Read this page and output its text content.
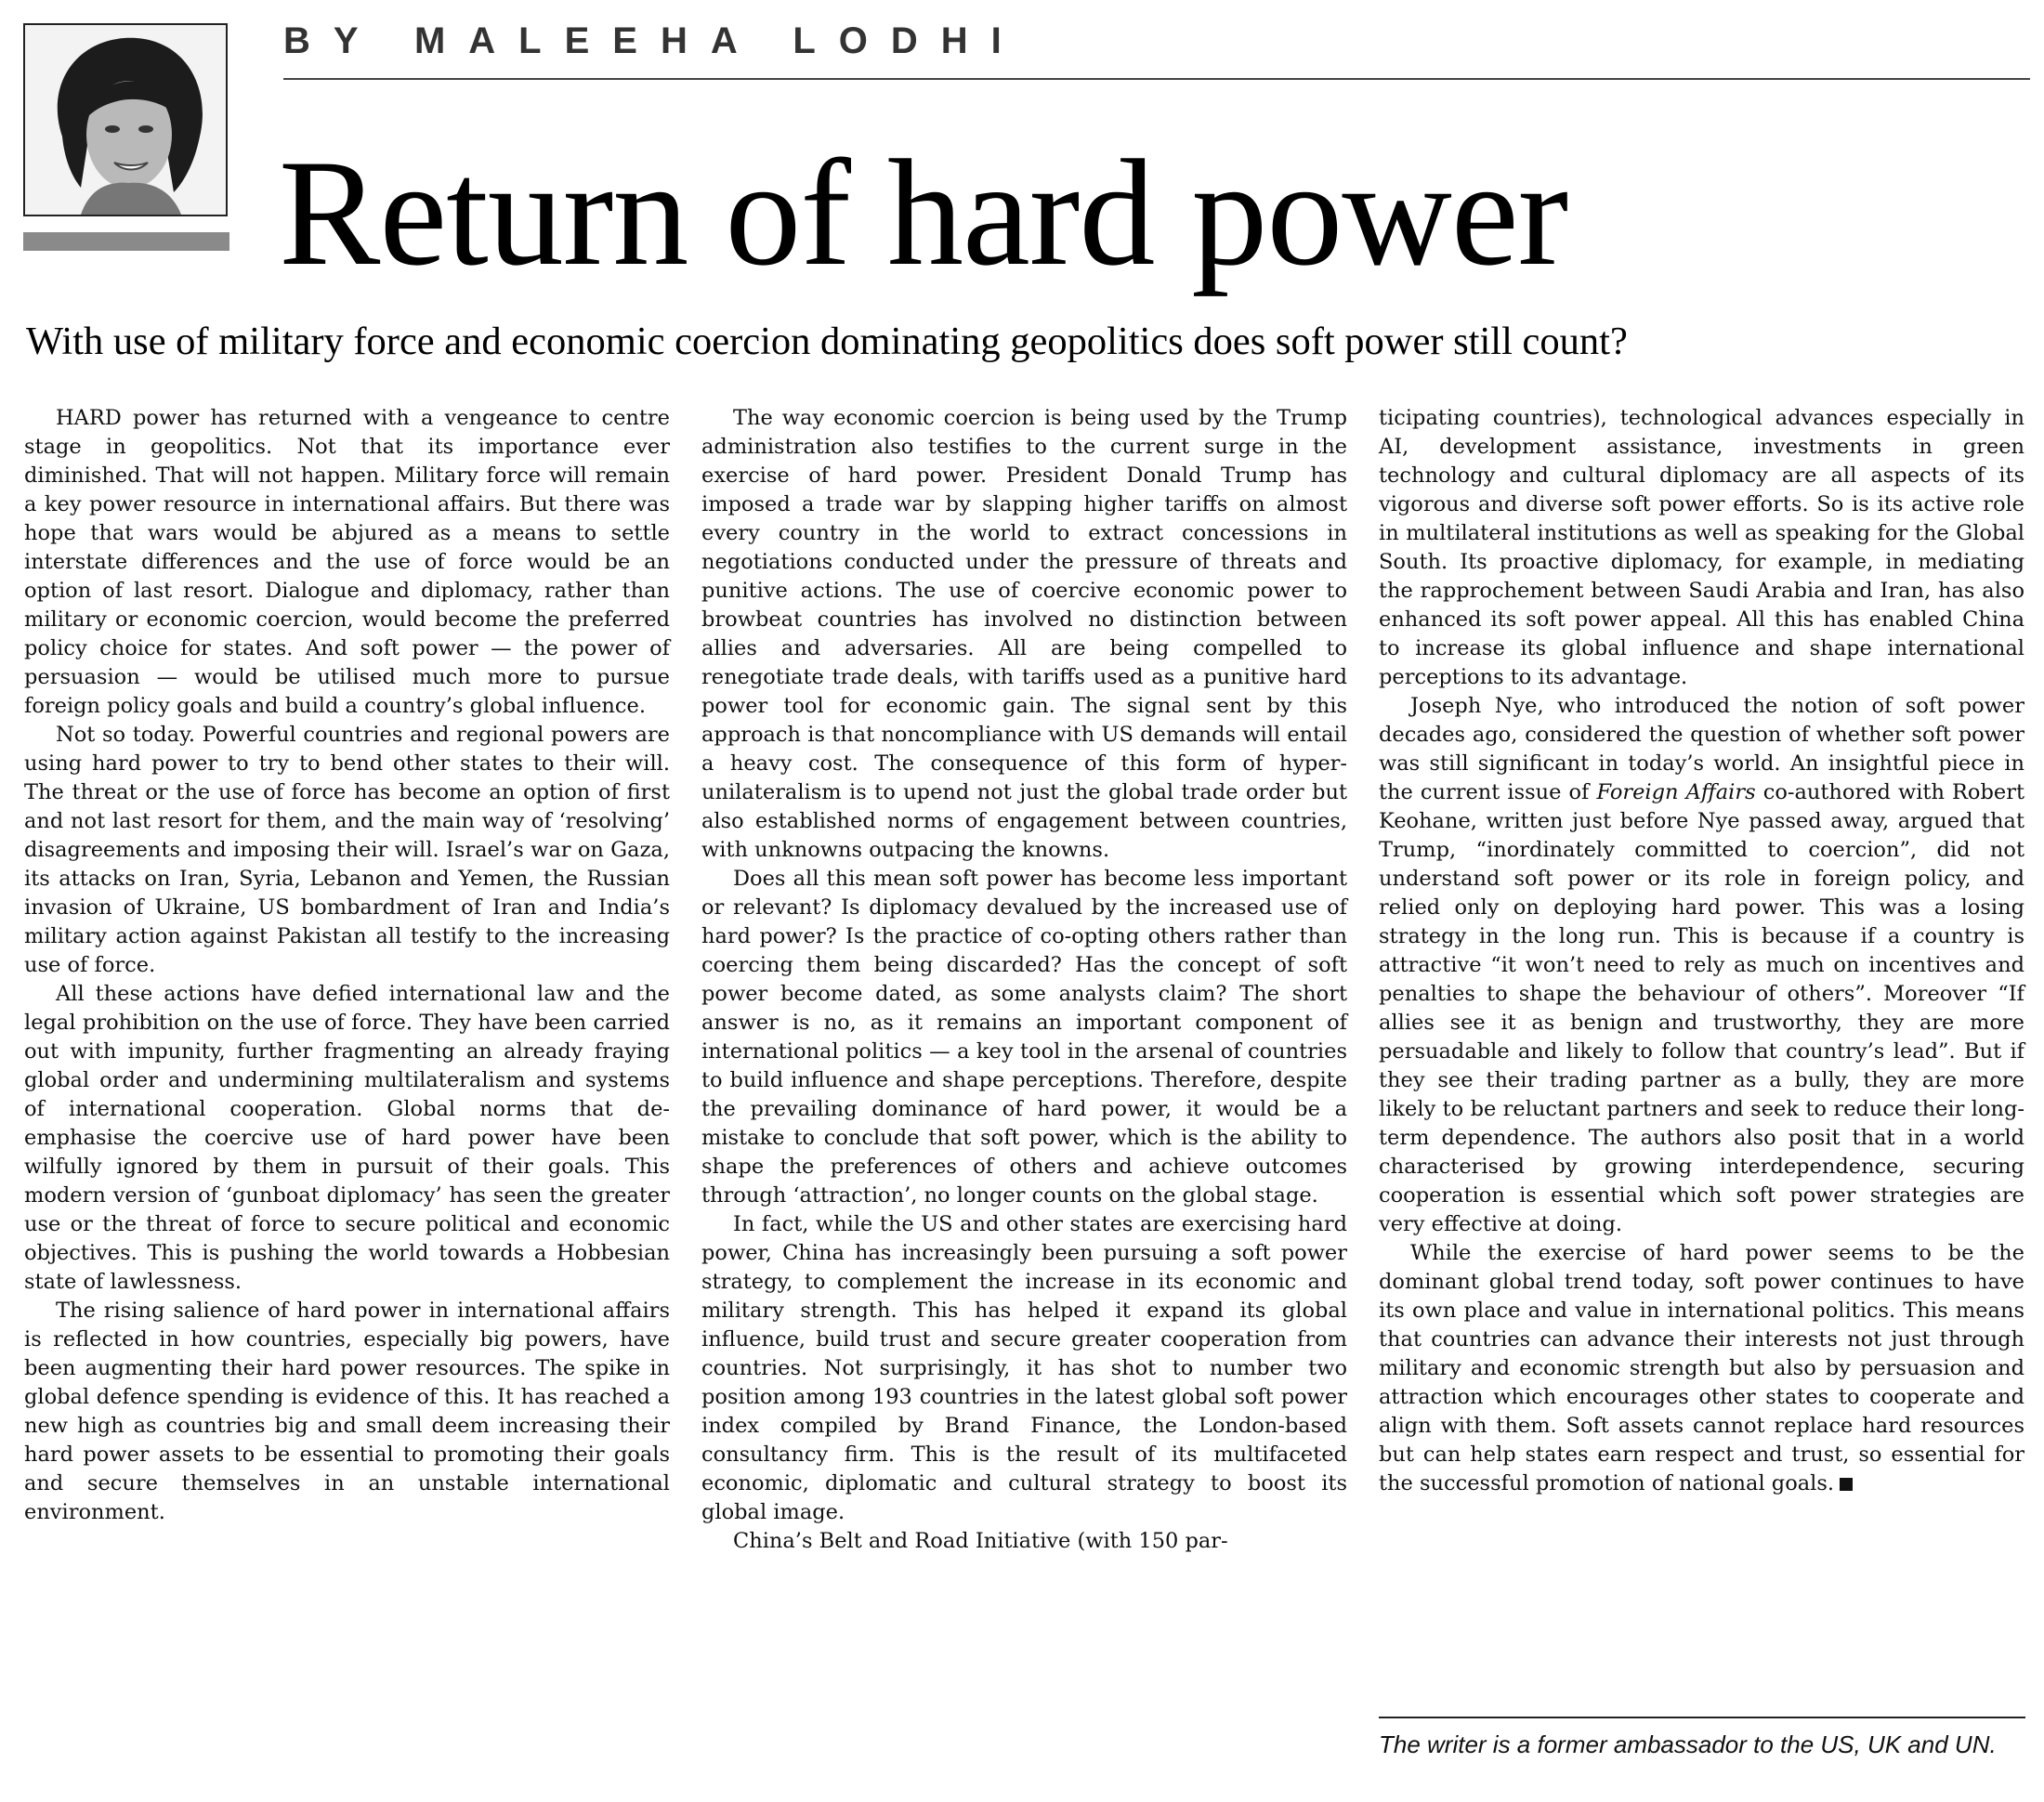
BY MALEEHA LODHI
Return of hard power
With use of military force and economic coercion dominating geopolitics does soft power still count?

HARD power has returned with a vengeance to centre stage in geopolitics. Not that its importance ever diminished. That will not happen. Military force will remain a key power resource in international affairs. But there was hope that wars would be abjured as a means to settle interstate differences and the use of force would be an option of last resort. Dialogue and diplomacy, rather than military or economic coercion, would become the preferred policy choice for states. And soft power — the power of persuasion — would be utilised much more to pursue foreign policy goals and build a country’s global influence.

Not so today. Powerful countries and regional powers are using hard power to try to bend other states to their will. The threat or the use of force has become an option of first and not last resort for them, and the main way of ‘resolving’ disagreements and imposing their will. Israel’s war on Gaza, its attacks on Iran, Syria, Lebanon and Yemen, the Russian invasion of Ukraine, US bombardment of Iran and India’s military action against Pakistan all testify to the increasing use of force.

All these actions have defied international law and the legal prohibition on the use of force. They have been carried out with impunity, further fragmenting an already fraying global order and undermining multilateralism and systems of international cooperation. Global norms that de-emphasise the coercive use of hard power have been wilfully ignored by them in pursuit of their goals. This modern version of ‘gunboat diplomacy’ has seen the greater use or the threat of force to secure political and economic objectives. This is pushing the world towards a Hobbesian state of lawlessness.

The rising salience of hard power in international affairs is reflected in how countries, especially big powers, have been augmenting their hard power resources. The spike in global defence spending is evidence of this. It has reached a new high as countries big and small deem increasing their hard power assets to be essential to promoting their goals and secure themselves in an unstable international environment.

The way economic coercion is being used by the Trump administration also testifies to the current surge in the exercise of hard power. President Donald Trump has imposed a trade war by slapping higher tariffs on almost every country in the world to extract concessions in negotiations conducted under the pressure of threats and punitive actions. The use of coercive economic power to browbeat countries has involved no distinction between allies and adversaries. All are being compelled to renegotiate trade deals, with tariffs used as a punitive hard power tool for economic gain. The signal sent by this approach is that noncompliance with US demands will entail a heavy cost. The consequence of this form of hyper-unilateralism is to upend not just the global trade order but also established norms of engagement between countries, with unknowns outpacing the knowns.

Does all this mean soft power has become less important or relevant? Is diplomacy devalued by the increased use of hard power? Is the practice of co-opting others rather than coercing them being discarded? Has the concept of soft power become dated, as some analysts claim? The short answer is no, as it remains an important component of international politics — a key tool in the arsenal of countries to build influence and shape perceptions. Therefore, despite the prevailing dominance of hard power, it would be a mistake to conclude that soft power, which is the ability to shape the preferences of others and achieve outcomes through ‘attraction’, no longer counts on the global stage.

In fact, while the US and other states are exercising hard power, China has increasingly been pursuing a soft power strategy, to complement the increase in its economic and military strength. This has helped it expand its global influence, build trust and secure greater cooperation from countries. Not surprisingly, it has shot to number two position among 193 countries in the latest global soft power index compiled by Brand Finance, the London-based consultancy firm. This is the result of its multifaceted economic, diplomatic and cultural strategy to boost its global image.

China’s Belt and Road Initiative (with 150 par-

ticipating countries), technological advances especially in AI, development assistance, investments in green technology and cultural diplomacy are all aspects of its vigorous and diverse soft power efforts. So is its active role in multilateral institutions as well as speaking for the Global South. Its proactive diplomacy, for example, in mediating the rapprochement between Saudi Arabia and Iran, has also enhanced its soft power appeal. All this has enabled China to increase its global influence and shape international perceptions to its advantage.

Joseph Nye, who introduced the notion of soft power decades ago, considered the question of whether soft power was still significant in today’s world. An insightful piece in the current issue of Foreign Affairs co-authored with Robert Keohane, written just before Nye passed away, argued that Trump, “inordinately committed to coercion”, did not understand soft power or its role in foreign policy, and relied only on deploying hard power. This was a losing strategy in the long run. This is because if a country is attractive “it won’t need to rely as much on incentives and penalties to shape the behaviour of others”. Moreover “If allies see it as benign and trustworthy, they are more persuadable and likely to follow that country’s lead”. But if they see their trading partner as a bully, they are more likely to be reluctant partners and seek to reduce their long-term dependence. The authors also posit that in a world characterised by growing interdependence, securing cooperation is essential which soft power strategies are very effective at doing.

While the exercise of hard power seems to be the dominant global trend today, soft power continues to have its own place and value in international politics. This means that countries can advance their interests not just through military and economic strength but also by persuasion and attraction which encourages other states to cooperate and align with them. Soft assets cannot replace hard resources but can help states earn respect and trust, so essential for the successful promotion of national goals.

The writer is a former ambassador to the US, UK and UN.
